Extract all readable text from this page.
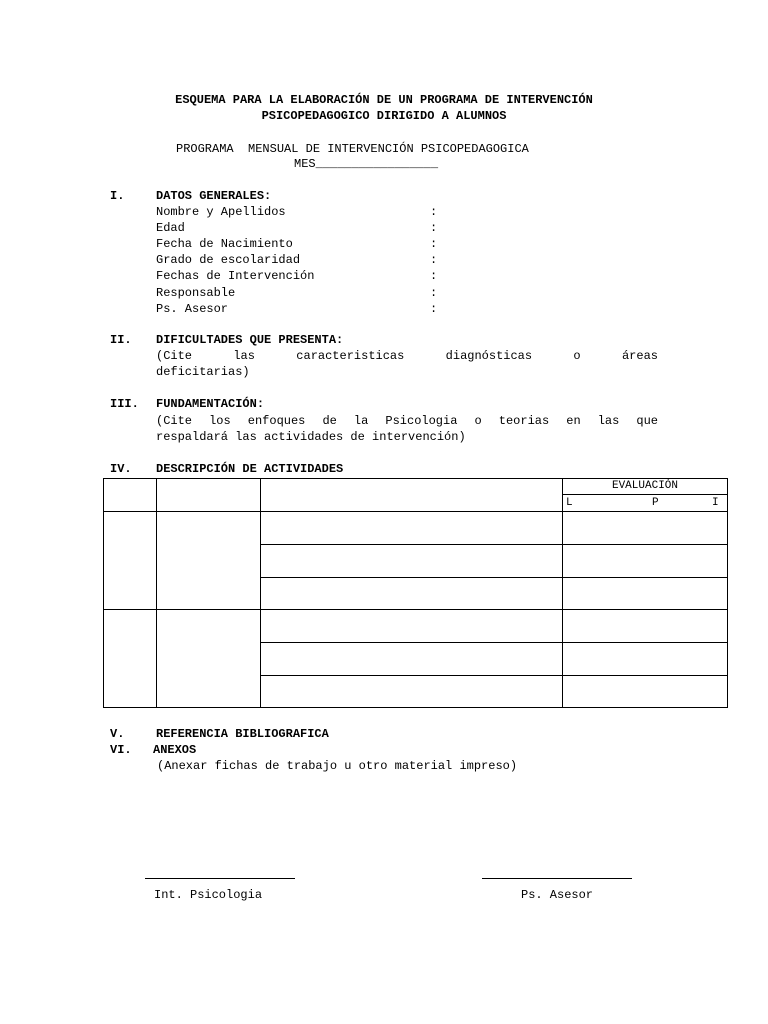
ESQUEMA PARA LA ELABORACIÓN DE UN PROGRAMA DE INTERVENCIÓN
PSICOPEDAGOGICO DIRIGIDO A ALUMNOS
PROGRAMA  MENSUAL DE INTERVENCIÓN PSICOPEDAGOGICA
MES_________________
I.	DATOS GENERALES:
Nombre y Apellidos	:
Edad	:
Fecha de Nacimiento	:
Grado de escolaridad	:
Fechas de Intervención	:
Responsable	:
Ps. Asesor	:
II. DIFICULTADES QUE PRESENTA:
(Cite las caracteristicas diagnósticas o áreas
deficitarias)
III. FUNDAMENTACIÓN:
(Cite los enfoques de la Psicologia o teorias en las que
respaldará las actividades de intervención)
IV. DESCRIPCIÓN DE ACTIVIDADES

			EVALUACIÓN
L P I

V.	REFERENCIA BIBLIOGRAFICA
VI. ANEXOS
(Anexar fichas de trabajo u otro material impreso)
Int. Psicologia	Ps. Asesor
